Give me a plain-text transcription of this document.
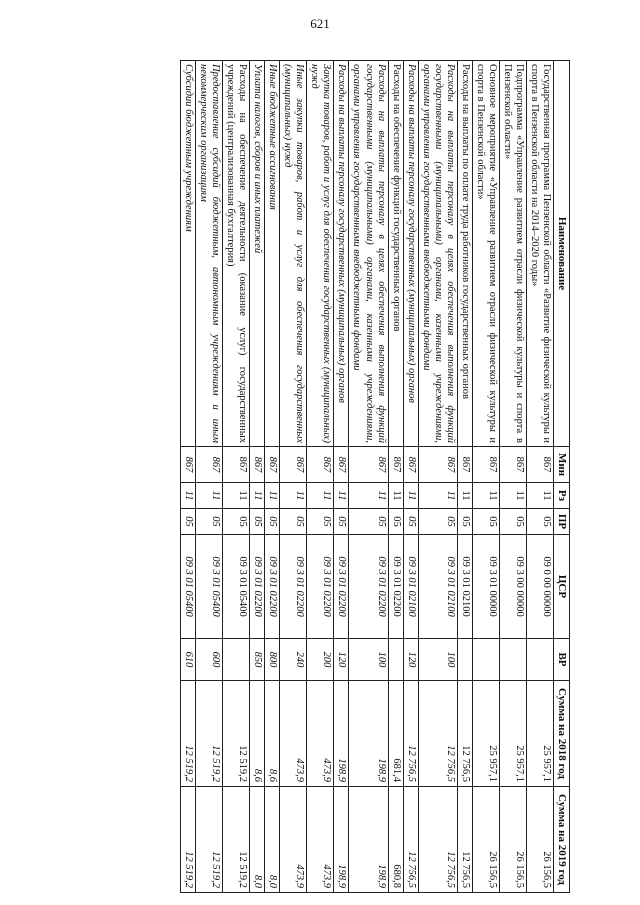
621
Наименование	Мин	Рз	ПР	ЦСР	ВР	Сумма на 2018 год	Сумма на 2019 год
Государственная программа Пензенской области «Развитие физической культуры и спорта в Пензенской области на 2014–2020 годы»	867	11	05	09 0 00 00000		25 957,1	26 156,5
Подпрограмма «Управление развитием отрасли физической культуры и спорта в Пензенской области»	867	11	05	09 3 00 00000		25 957,1	26 156,5
Основное мероприятие «Управление развитием отрасли физической культуры и спорта в Пензенской области»	867	11	05	09 3 01 00000		25 957,1	26 156,5
Расходы на выплаты по оплате труда работников государственных органов	867	11	05	09 3 01 02100		12 756,5	12 756,5
Расходы на выплаты персоналу в целях обеспечения выполнения функций государственными (муниципальными) органами, казенными учреждениями, органами управления государственными внебюджетными фондами	867	11	05	09 3 01 02100	100	12 756,5	12 756,5
Расходы на выплаты персоналу государственных (муниципальных) органов	867	11	05	09 3 01 02100	120	12 756,5	12 756,5
Расходы на обеспечение функций государственных органов	867	11	05	09 3 01 02200		681,4	680,8
Расходы на выплаты персоналу в целях обеспечения выполнения функций государственными (муниципальными) органами, казенными учреждениями, органами управления государственными внебюджетными фондами	867	11	05	09 3 01 02200	100	198,9	198,9
Расходы на выплаты персоналу государственных (муниципальных) органов	867	11	05	09 3 01 02200	120	198,9	198,9
Закупка товаров, работ и услуг для обеспечения государственных (муниципальных) нужд	867	11	05	09 3 01 02200	200	473,9	473,9
Иные закупки товаров, работ и услуг для обеспечения государственных (муниципальных) нужд	867	11	05	09 3 01 02200	240	473,9	473,9
Иные бюджетные ассигнования	867	11	05	09 3 01 02200	800	8,6	8,0
Уплата налогов, сборов и иных платежей	867	11	05	09 3 01 02200	850	8,6	8,0
Расходы на обеспечение деятельности (оказание услуг) государственных учреждений (централизованная бухгалтерия)	867	11	05	09 3 01 05400		12 519,2	12 519,2
Предоставление субсидий бюджетным, автономным учреждениям и иным некоммерческим организациям	867	11	05	09 3 01 05400	600	12 519,2	12 519,2
Субсидии бюджетным учреждениям	867	11	05	09 3 01 05400	610	12 519,2	12 519,2
